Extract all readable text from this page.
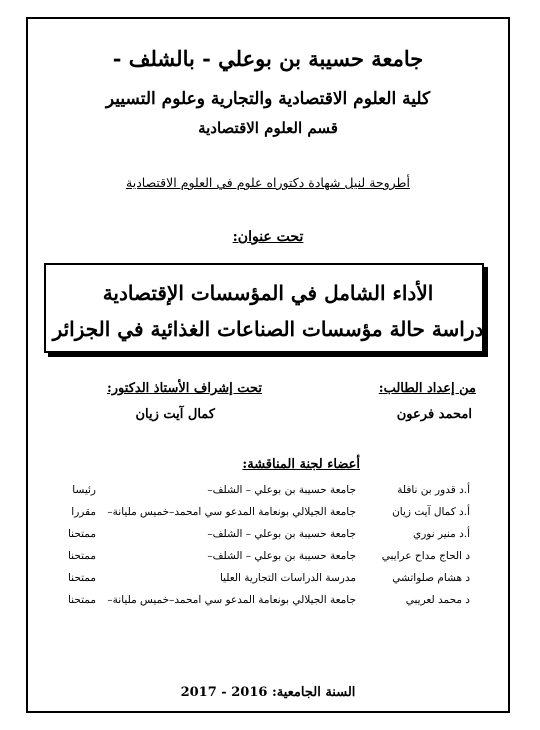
جامعة حسيبة بن بوعلي - بالشلف -
كلية العلوم الاقتصادية والتجارية وعلوم التسيير
قسم العلوم الاقتصادية
أطروحة لنيل شهادة دكتوراه علوم في العلوم الاقتصادية
تحت عنوان:
الأداء الشامل في المؤسسات الإقتصادية
دراسة حالة مؤسسات الصناعات الغذائية في الجزائر
من إعداد الطالب:
امحمد فرعون
تحت إشراف الأستاذ الدكتور:
كمال آيت زيان
أعضاء لجنة المناقشة:
أ.د قدور بن نافلة
جامعة حسيبة بن بوعلي – الشلف–
رئيسا
أ.د كمال آيت زيان
جامعة الجيلالي بونعامة المدعو سي امحمد–خميس مليانة–
مقررا
أ.د منير نوري
جامعة حسيبة بن بوعلي – الشلف–
ممتحنا
د الحاج مداح عرايبي
جامعة حسيبة بن بوعلي – الشلف–
ممتحنا
د هشام صلواتشي
مدرسة الدراسات التجارية العليا
ممتحنا
د محمد لعريبي
جامعة الجيلالي بونعامة المدعو سي امحمد–خميس مليانة–
ممتحنا
السنة الجامعية: 2016 - 2017
